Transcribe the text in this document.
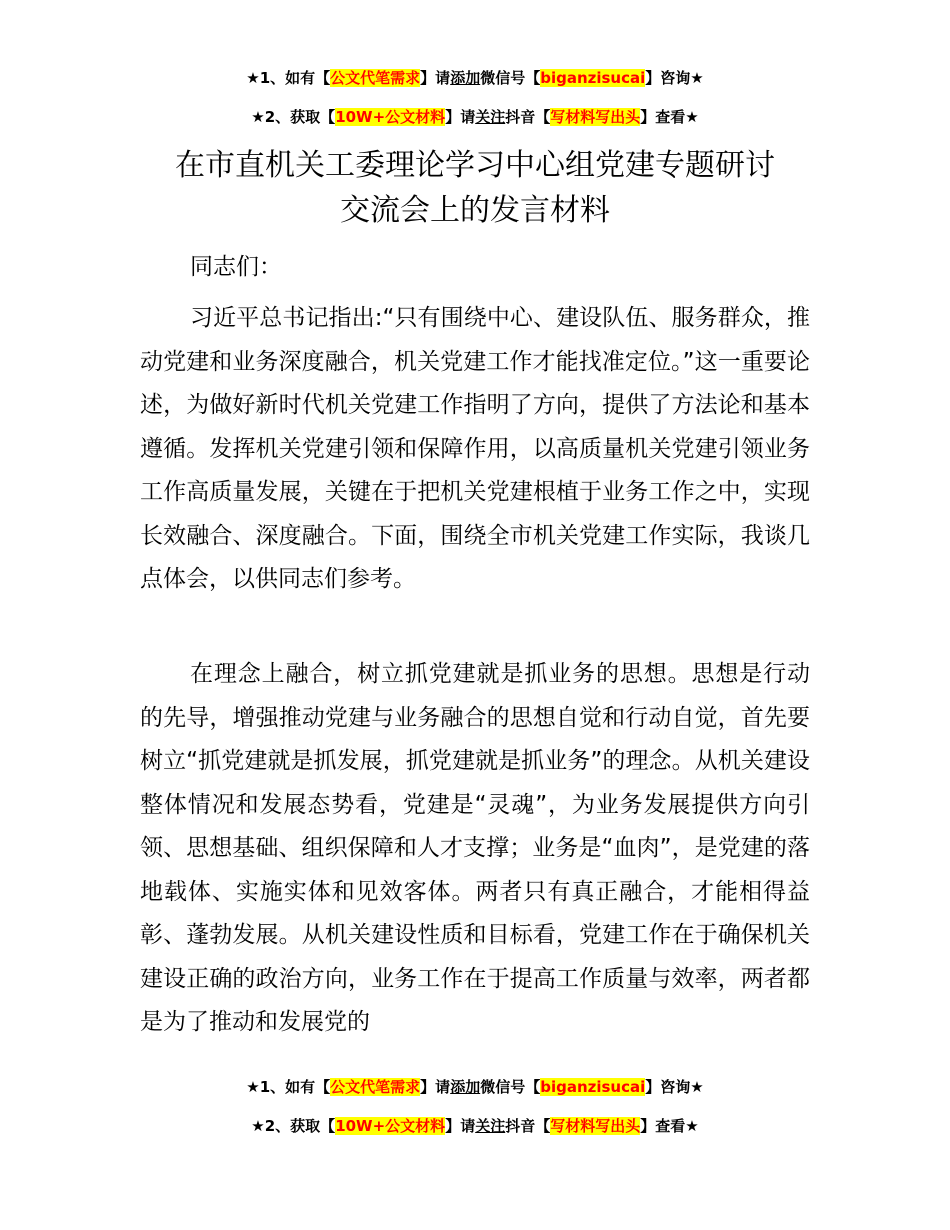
★1、如有【公文代笔需求】请添加微信号【biganzisucai】咨询★
★2、获取【10W+公文材料】请关注抖音【写材料写出头】查看★
在市直机关工委理论学习中心组党建专题研讨
交流会上的发言材料
同志们：
习近平总书记指出:“只有围绕中心、建设队伍、服务群众，推动党建和业务深度融合，机关党建工作才能找准定位。”这一重要论述，为做好新时代机关党建工作指明了方向，提供了方法论和基本遵循。发挥机关党建引领和保障作用，以高质量机关党建引领业务工作高质量发展，关键在于把机关党建根植于业务工作之中，实现长效融合、深度融合。下面，围绕全市机关党建工作实际，我谈几点体会，以供同志们参考。
在理念上融合，树立抓党建就是抓业务的思想。思想是行动的先导，增强推动党建与业务融合的思想自觉和行动自觉，首先要树立“抓党建就是抓发展，抓党建就是抓业务”的理念。从机关建设整体情况和发展态势看，党建是“灵魂”，为业务发展提供方向引领、思想基础、组织保障和人才支撑；业务是“血肉”，是党建的落地载体、实施实体和见效客体。两者只有真正融合，才能相得益彰、蓬勃发展。从机关建设性质和目标看，党建工作在于确保机关建设正确的政治方向，业务工作在于提高工作质量与效率，两者都是为了推动和发展党的
★1、如有【公文代笔需求】请添加微信号【biganzisucai】咨询★
★2、获取【10W+公文材料】请关注抖音【写材料写出头】查看★
